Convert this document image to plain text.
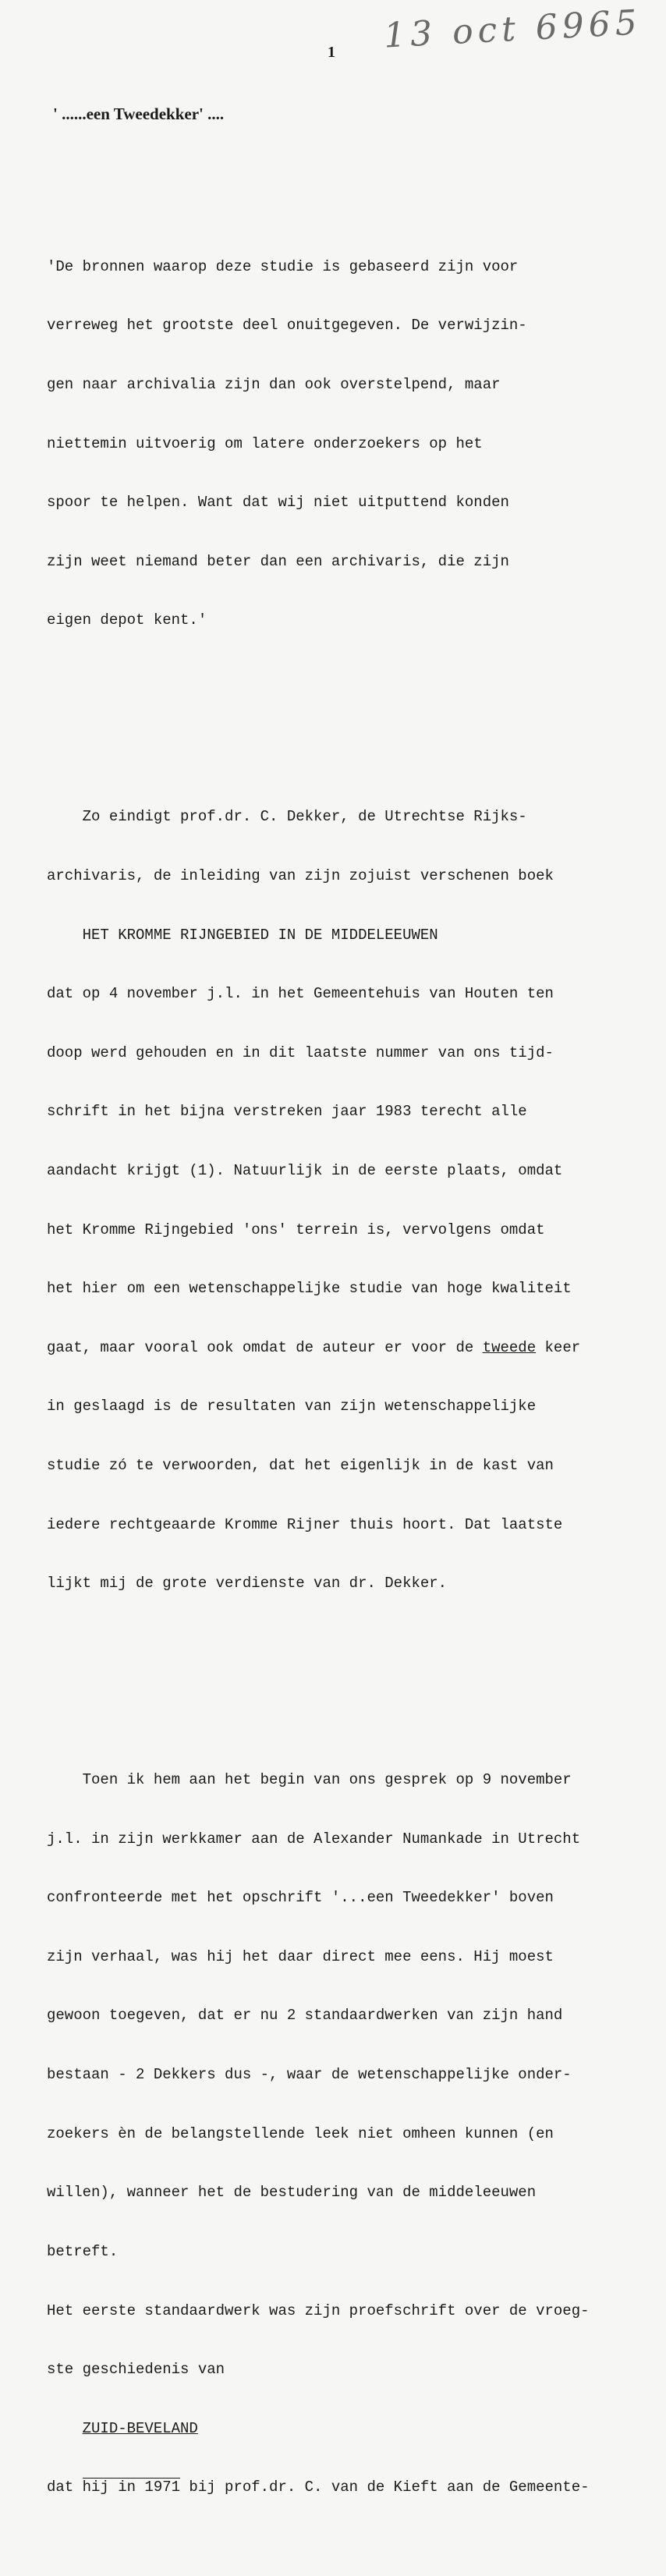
13 oct 6965
1
' ......een Tweedekker' ....

'De bronnen waarop deze studie is gebaseerd zijn voor

verreweg het grootste deel onuitgegeven. De verwijzin-

gen naar archivalia zijn dan ook overstelpend, maar

niettemin uitvoerig om latere onderzoekers op het

spoor te helpen. Want dat wij niet uitputtend konden

zijn weet niemand beter dan een archivaris, die zijn

eigen depot kent.'

Zo eindigt prof.dr. C. Dekker, de Utrechtse Rijks-

archivaris, de inleiding van zijn zojuist verschenen boek

HET KROMME RIJNGEBIED IN DE MIDDELEEUWEN

dat op 4 november j.l. in het Gemeentehuis van Houten ten

doop werd gehouden en in dit laatste nummer van ons tijd-

schrift in het bijna verstreken jaar 1983 terecht alle

aandacht krijgt (1). Natuurlijk in de eerste plaats, omdat

het Kromme Rijngebied 'ons' terrein is, vervolgens omdat

het hier om een wetenschappelijke studie van hoge kwaliteit

gaat, maar vooral ook omdat de auteur er voor de tweede keer

in geslaagd is de resultaten van zijn wetenschappelijke

studie zó te verwoorden, dat het eigenlijk in de kast van

iedere rechtgeaarde Kromme Rijner thuis hoort. Dat laatste

lijkt mij de grote verdienste van dr. Dekker.

Toen ik hem aan het begin van ons gesprek op 9 november

j.l. in zijn werkkamer aan de Alexander Numankade in Utrecht

confronteerde met het opschrift '...een Tweedekker' boven

zijn verhaal, was hij het daar direct mee eens. Hij moest

gewoon toegeven, dat er nu 2 standaardwerken van zijn hand

bestaan - 2 Dekkers dus -, waar de wetenschappelijke onder-

zoekers èn de belangstellende leek niet omheen kunnen (en

willen), wanneer het de bestudering van de middeleeuwen

betreft.

Het eerste standaardwerk was zijn proefschrift over de vroeg-

ste geschiedenis van

ZUID-BEVELAND

dat hij in 1971 bij prof.dr. C. van de Kieft aan de Gemeente-
